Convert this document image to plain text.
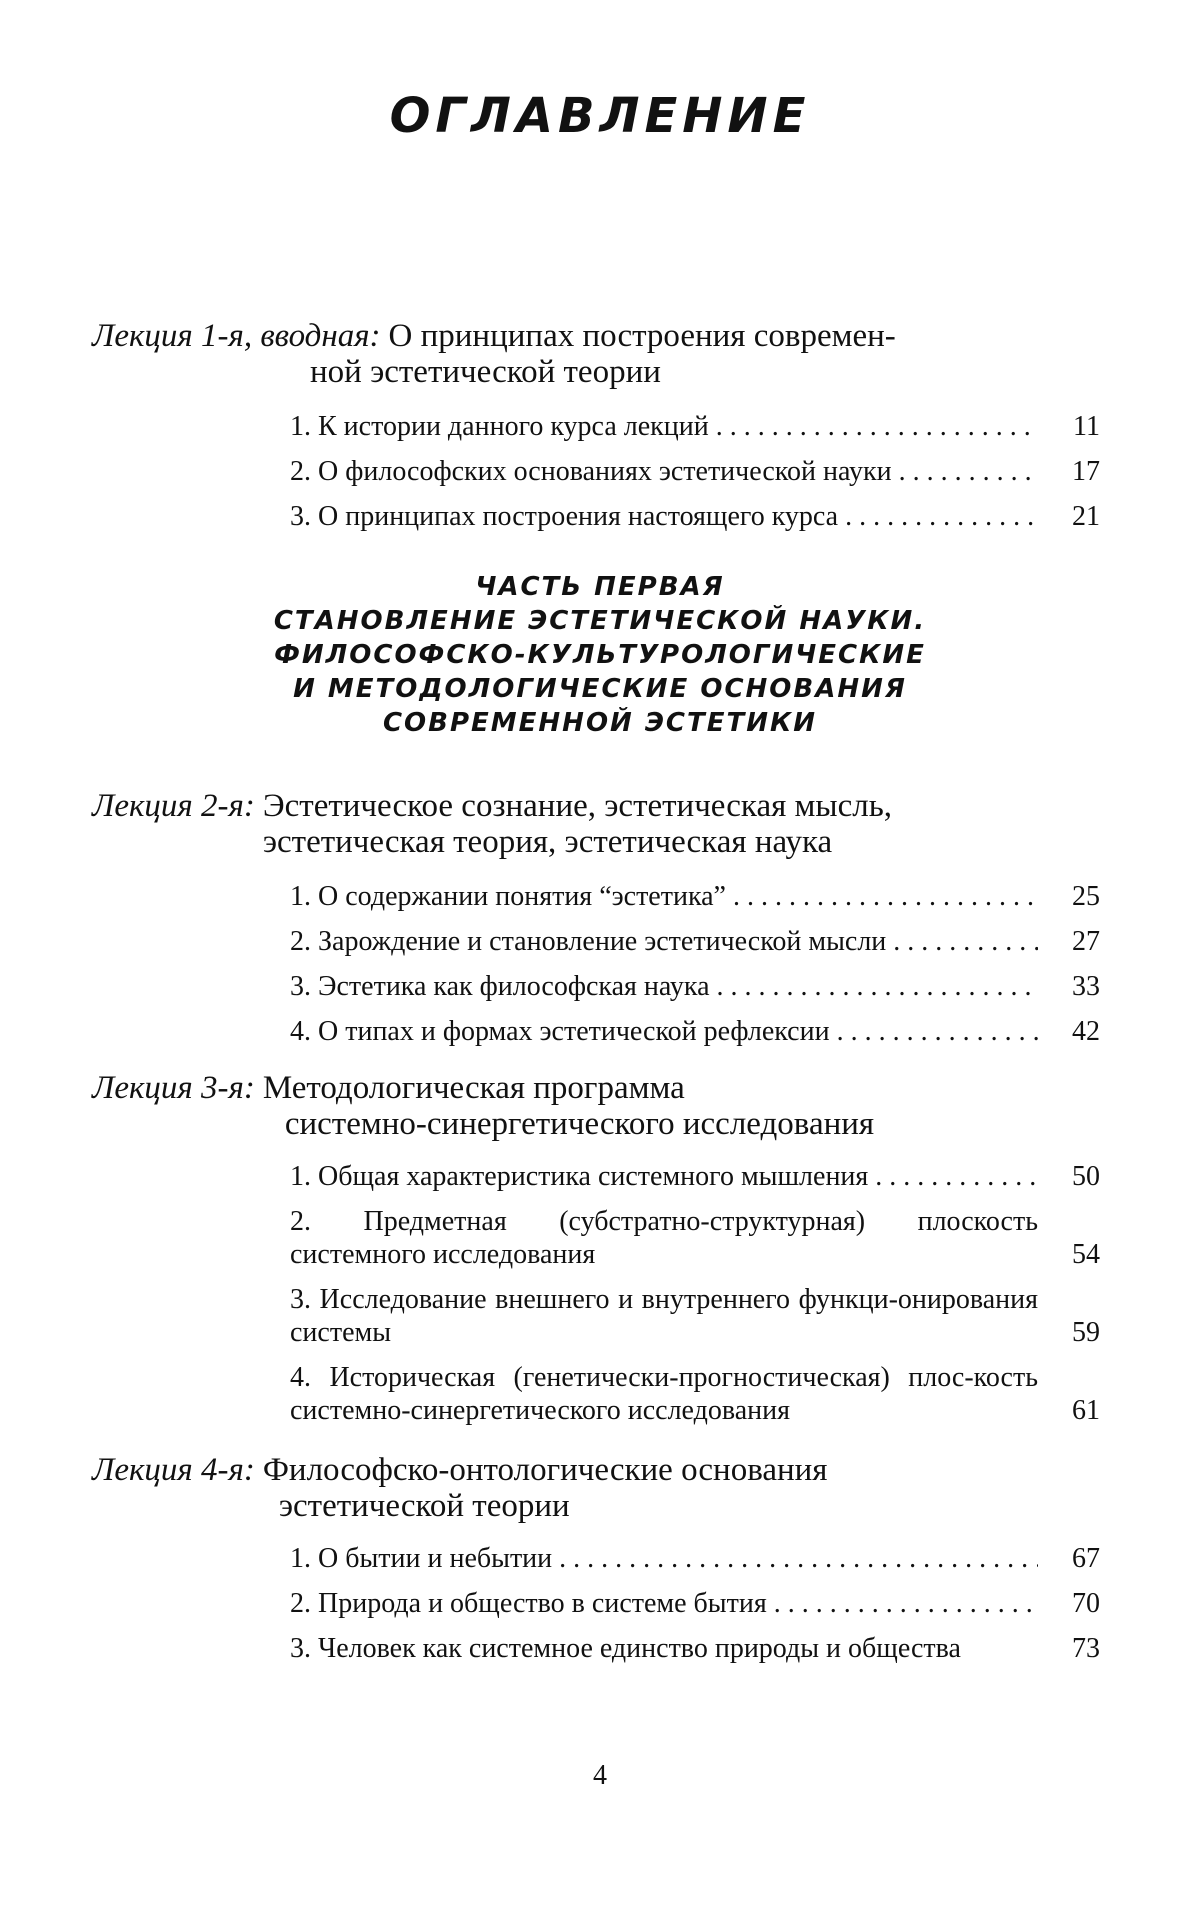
ОГЛАВЛЕНИЕ
Лекция 1-я, вводная: О принципах построения современ-
ной эстетической теории
1. К истории данного курса лекций . . .	11
2. О философских основаниях эстетической науки . . .	17
3. О принципах построения настоящего курса . . .	21
ЧАСТЬ ПЕРВАЯ
СТАНОВЛЕНИЕ ЭСТЕТИЧЕСКОЙ НАУКИ.
ФИЛОСОФСКО-КУЛЬТУРОЛОГИЧЕСКИЕ
И МЕТОДОЛОГИЧЕСКИЕ ОСНОВАНИЯ
СОВРЕМЕННОЙ ЭСТЕТИКИ
Лекция 2-я: Эстетическое сознание, эстетическая мысль,
эстетическая теория, эстетическая наука
1. О содержании понятия “эстетика” . . .	25
2. Зарождение и становление эстетической мысли . . .	27
3. Эстетика как философская наука . . .	33
4. О типах и формах эстетической рефлексии . . .	42
Лекция 3-я: Методологическая программа
системно-синергетического исследования
1. Общая характеристика системного мышления . . .	50
2. Предметная (субстратно-структурная) плоскость системного исследования	54
3. Исследование внешнего и внутреннего функци-онирования системы	59
4. Историческая (генетически-прогностическая) плос-кость системно-синергетического исследования	61
Лекция 4-я: Философско-онтологические основания
эстетической теории
1. О бытии и небытии . . .	67
2. Природа и общество в системе бытия . . .	70
3. Человек как системное единство природы и общества	73
4
